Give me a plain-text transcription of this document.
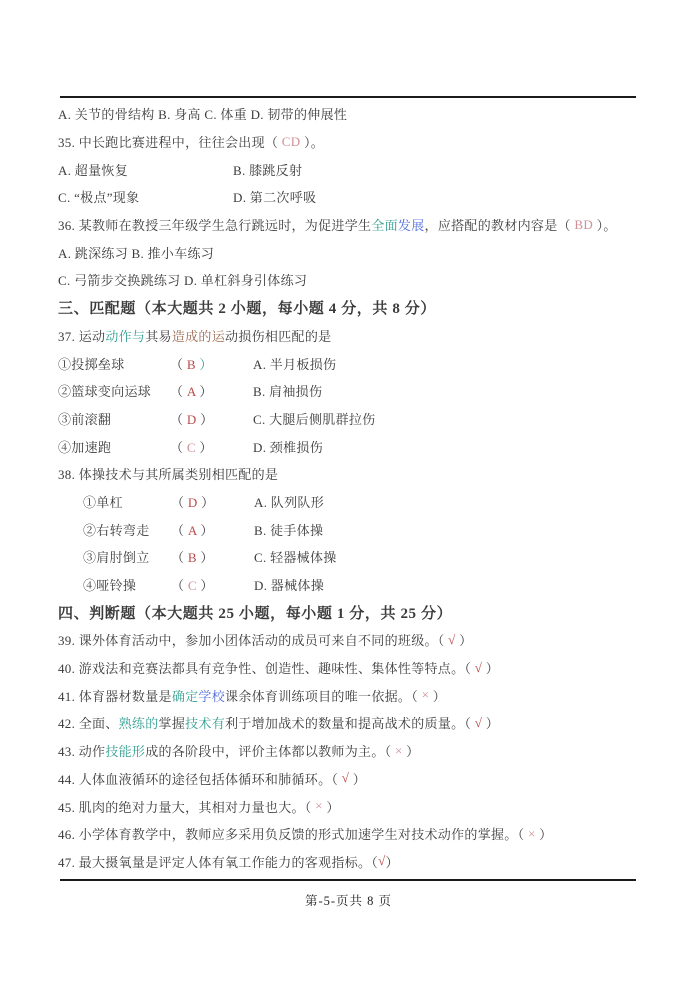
A. 关节的骨结构 B. 身高 C. 体重 D. 韧带的伸展性
35. 中长跑比赛进程中，往往会出现（ CD ）。
A. 超量恢复	B. 膝跳反射
C. “极点”现象	D. 第二次呼吸
36. 某教师在教授三年级学生急行跳远时，为促进学生 全面 发展 ，应搭配的教材内容是（ BD ）。
A. 跳深练习 B. 推小车练习
C. 弓箭步交换跳练习 D. 单杠斜身引体练习
三、匹配题（本大题共 2 小题，每小题 4 分，共 8 分）
37. 运动 动作与 其易 造成的运 动损伤相匹配的是
①投掷垒球	（ B ）	A. 半月板损伤
②篮球变向运球	（ A ）	B. 肩袖损伤
③前滚翻	（ D ）	C. 大腿后侧肌群拉伤
④加速跑	（ C ）	D. 颈椎损伤
38. 体操技术与其所属类别相匹配的是
①单杠	（ D ）	A. 队列队形
②右转弯走	（ A ）	B. 徒手体操
③肩肘倒立	（ B ）	C. 轻器械体操
④哑铃操	（ C ）	D. 器械体操
四、判断题（本大题共 25 小题，每小题 1 分，共 25 分）
39. 课外体育活动中，参加小团体活动的成员可来自不同的班级。（ √ ）
40. 游戏法和竞赛法都具有竞争性、创造性、趣味性、集体性等特点。（ √ ）
41. 体育器材数量是 确定 学校 课余体育训练项目的唯一依据。（ × ）
42. 全面、 熟练的 掌握 技术有 利于增加战术的数量和提高战术的质量。（ √ ）
43. 动作 技能形 成的各阶段中，评价主体都以教师为主。（ × ）
44. 人体血液循环的途径包括体循环和肺循环。（ √ ）
45. 肌肉的绝对力量大，其相对力量也大。（ × ）
46. 小学体育教学中，教师应多采用负反馈的形式加速学生对技术动作的掌握。（ × ）
47. 最大摄氧量是评定人体有氧工作能力的客观指标。（ √ ）
第-5-页共 8 页
